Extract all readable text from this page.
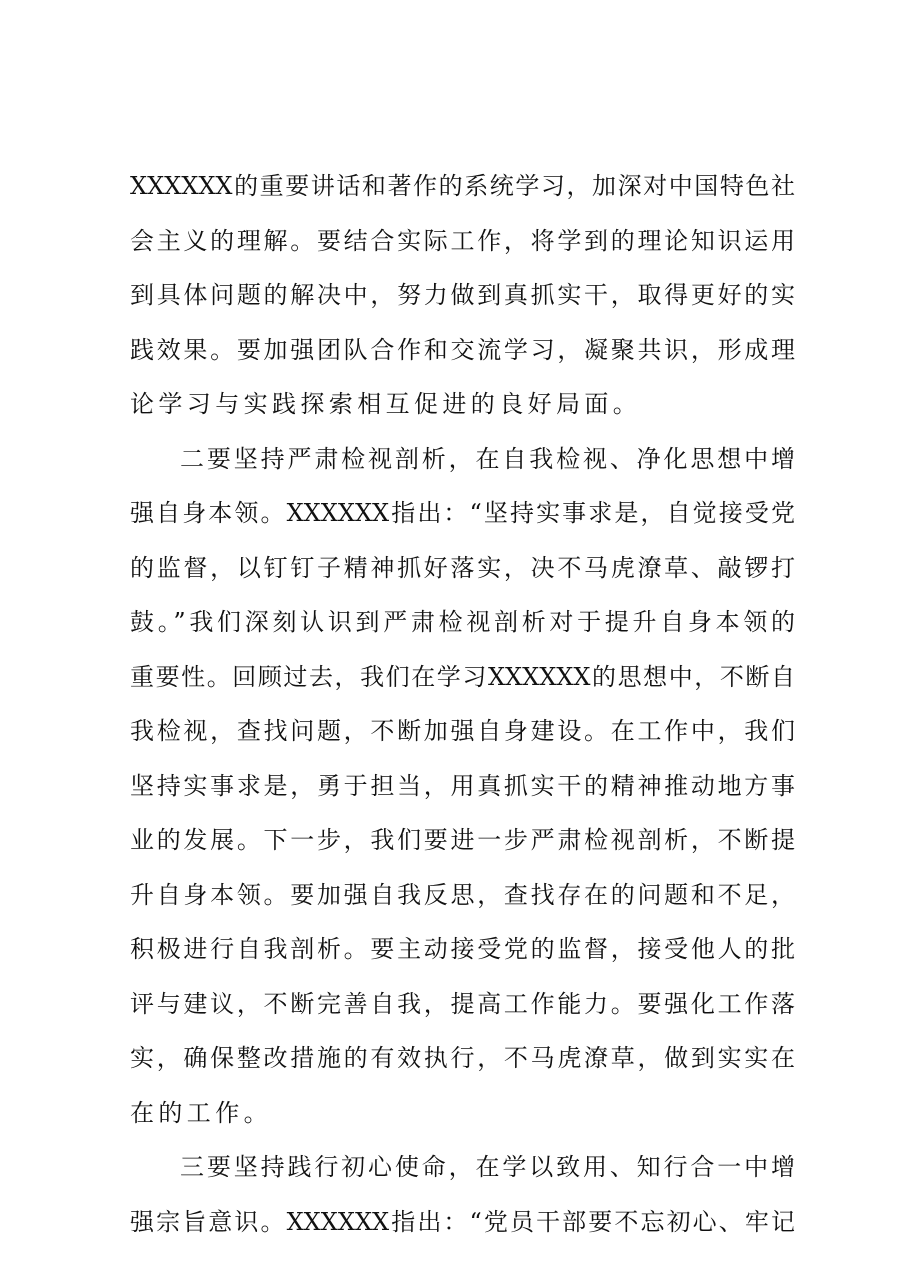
XXXXXX的重要讲话和著作的系统学习，加深对中国特色社
会主义的理解。要结合实际工作，将学到的理论知识运用
到具体问题的解决中，努力做到真抓实干，取得更好的实
践效果。要加强团队合作和交流学习，凝聚共识，形成理
论学习与实践探索相互促进的良好局面。
二要坚持严肃检视剖析，在自我检视、净化思想中增
强自身本领。XXXXXX指出：“坚持实事求是，自觉接受党
的监督，以钉钉子精神抓好落实，决不马虎潦草、敲锣打
鼓。”我们深刻认识到严肃检视剖析对于提升自身本领的
重要性。回顾过去，我们在学习XXXXXX的思想中，不断自
我检视，查找问题，不断加强自身建设。在工作中，我们
坚持实事求是，勇于担当，用真抓实干的精神推动地方事
业的发展。下一步，我们要进一步严肃检视剖析，不断提
升自身本领。要加强自我反思，查找存在的问题和不足，
积极进行自我剖析。要主动接受党的监督，接受他人的批
评与建议，不断完善自我，提高工作能力。要强化工作落
实，确保整改措施的有效执行，不马虎潦草，做到实实在
在的工作。
三要坚持践行初心使命，在学以致用、知行合一中增
强宗旨意识。XXXXXX指出：“党员干部要不忘初心、牢记
